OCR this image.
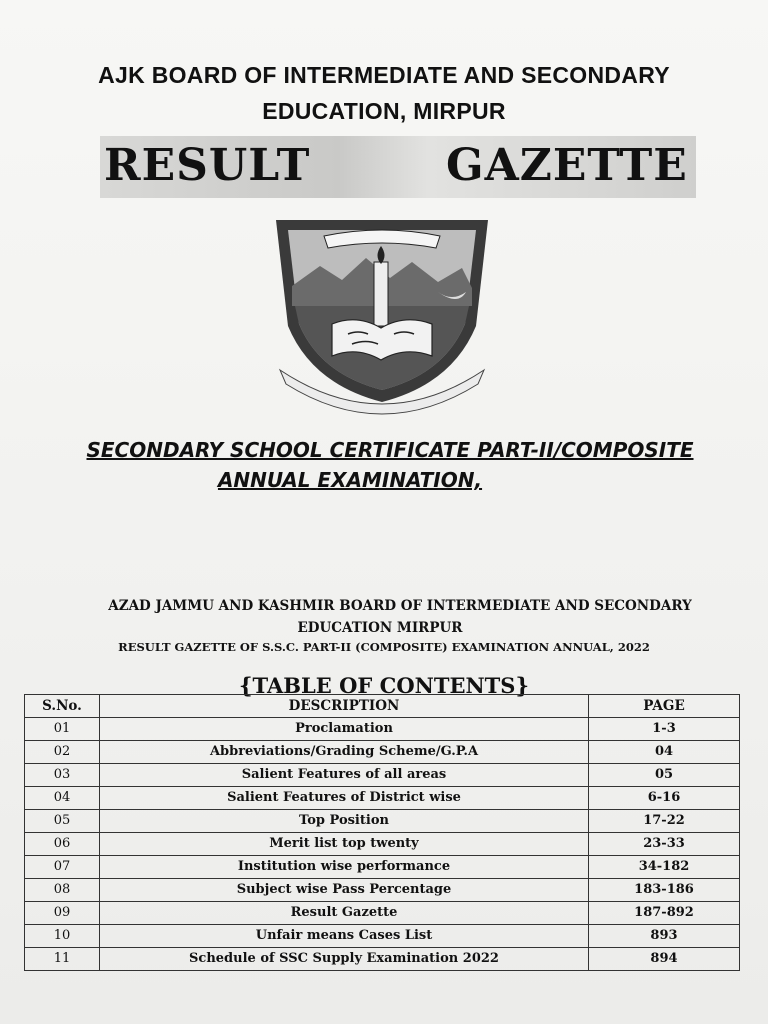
AJK BOARD OF INTERMEDIATE AND SECONDARY
EDUCATION, MIRPUR
RESULT	GAZETTE
SECONDARY SCHOOL CERTIFICATE PART-II/COMPOSITE
ANNUAL EXAMINATION,
AZAD JAMMU AND KASHMIR BOARD OF INTERMEDIATE AND SECONDARY
EDUCATION MIRPUR
RESULT GAZETTE OF S.S.C. PART-II (COMPOSITE) EXAMINATION ANNUAL, 2022
{TABLE OF CONTENTS}
S.No.	DESCRIPTION	PAGE
01	Proclamation	1-3
02	Abbreviations/Grading Scheme/G.P.A	04
03	Salient Features of all areas	05
04	Salient Features of District wise	6-16
05	Top Position	17-22
06	Merit list top twenty	23-33
07	Institution wise performance	34-182
08	Subject wise Pass Percentage	183-186
09	Result Gazette	187-892
10	Unfair means Cases List	893
11	Schedule of SSC Supply Examination 2022	894
